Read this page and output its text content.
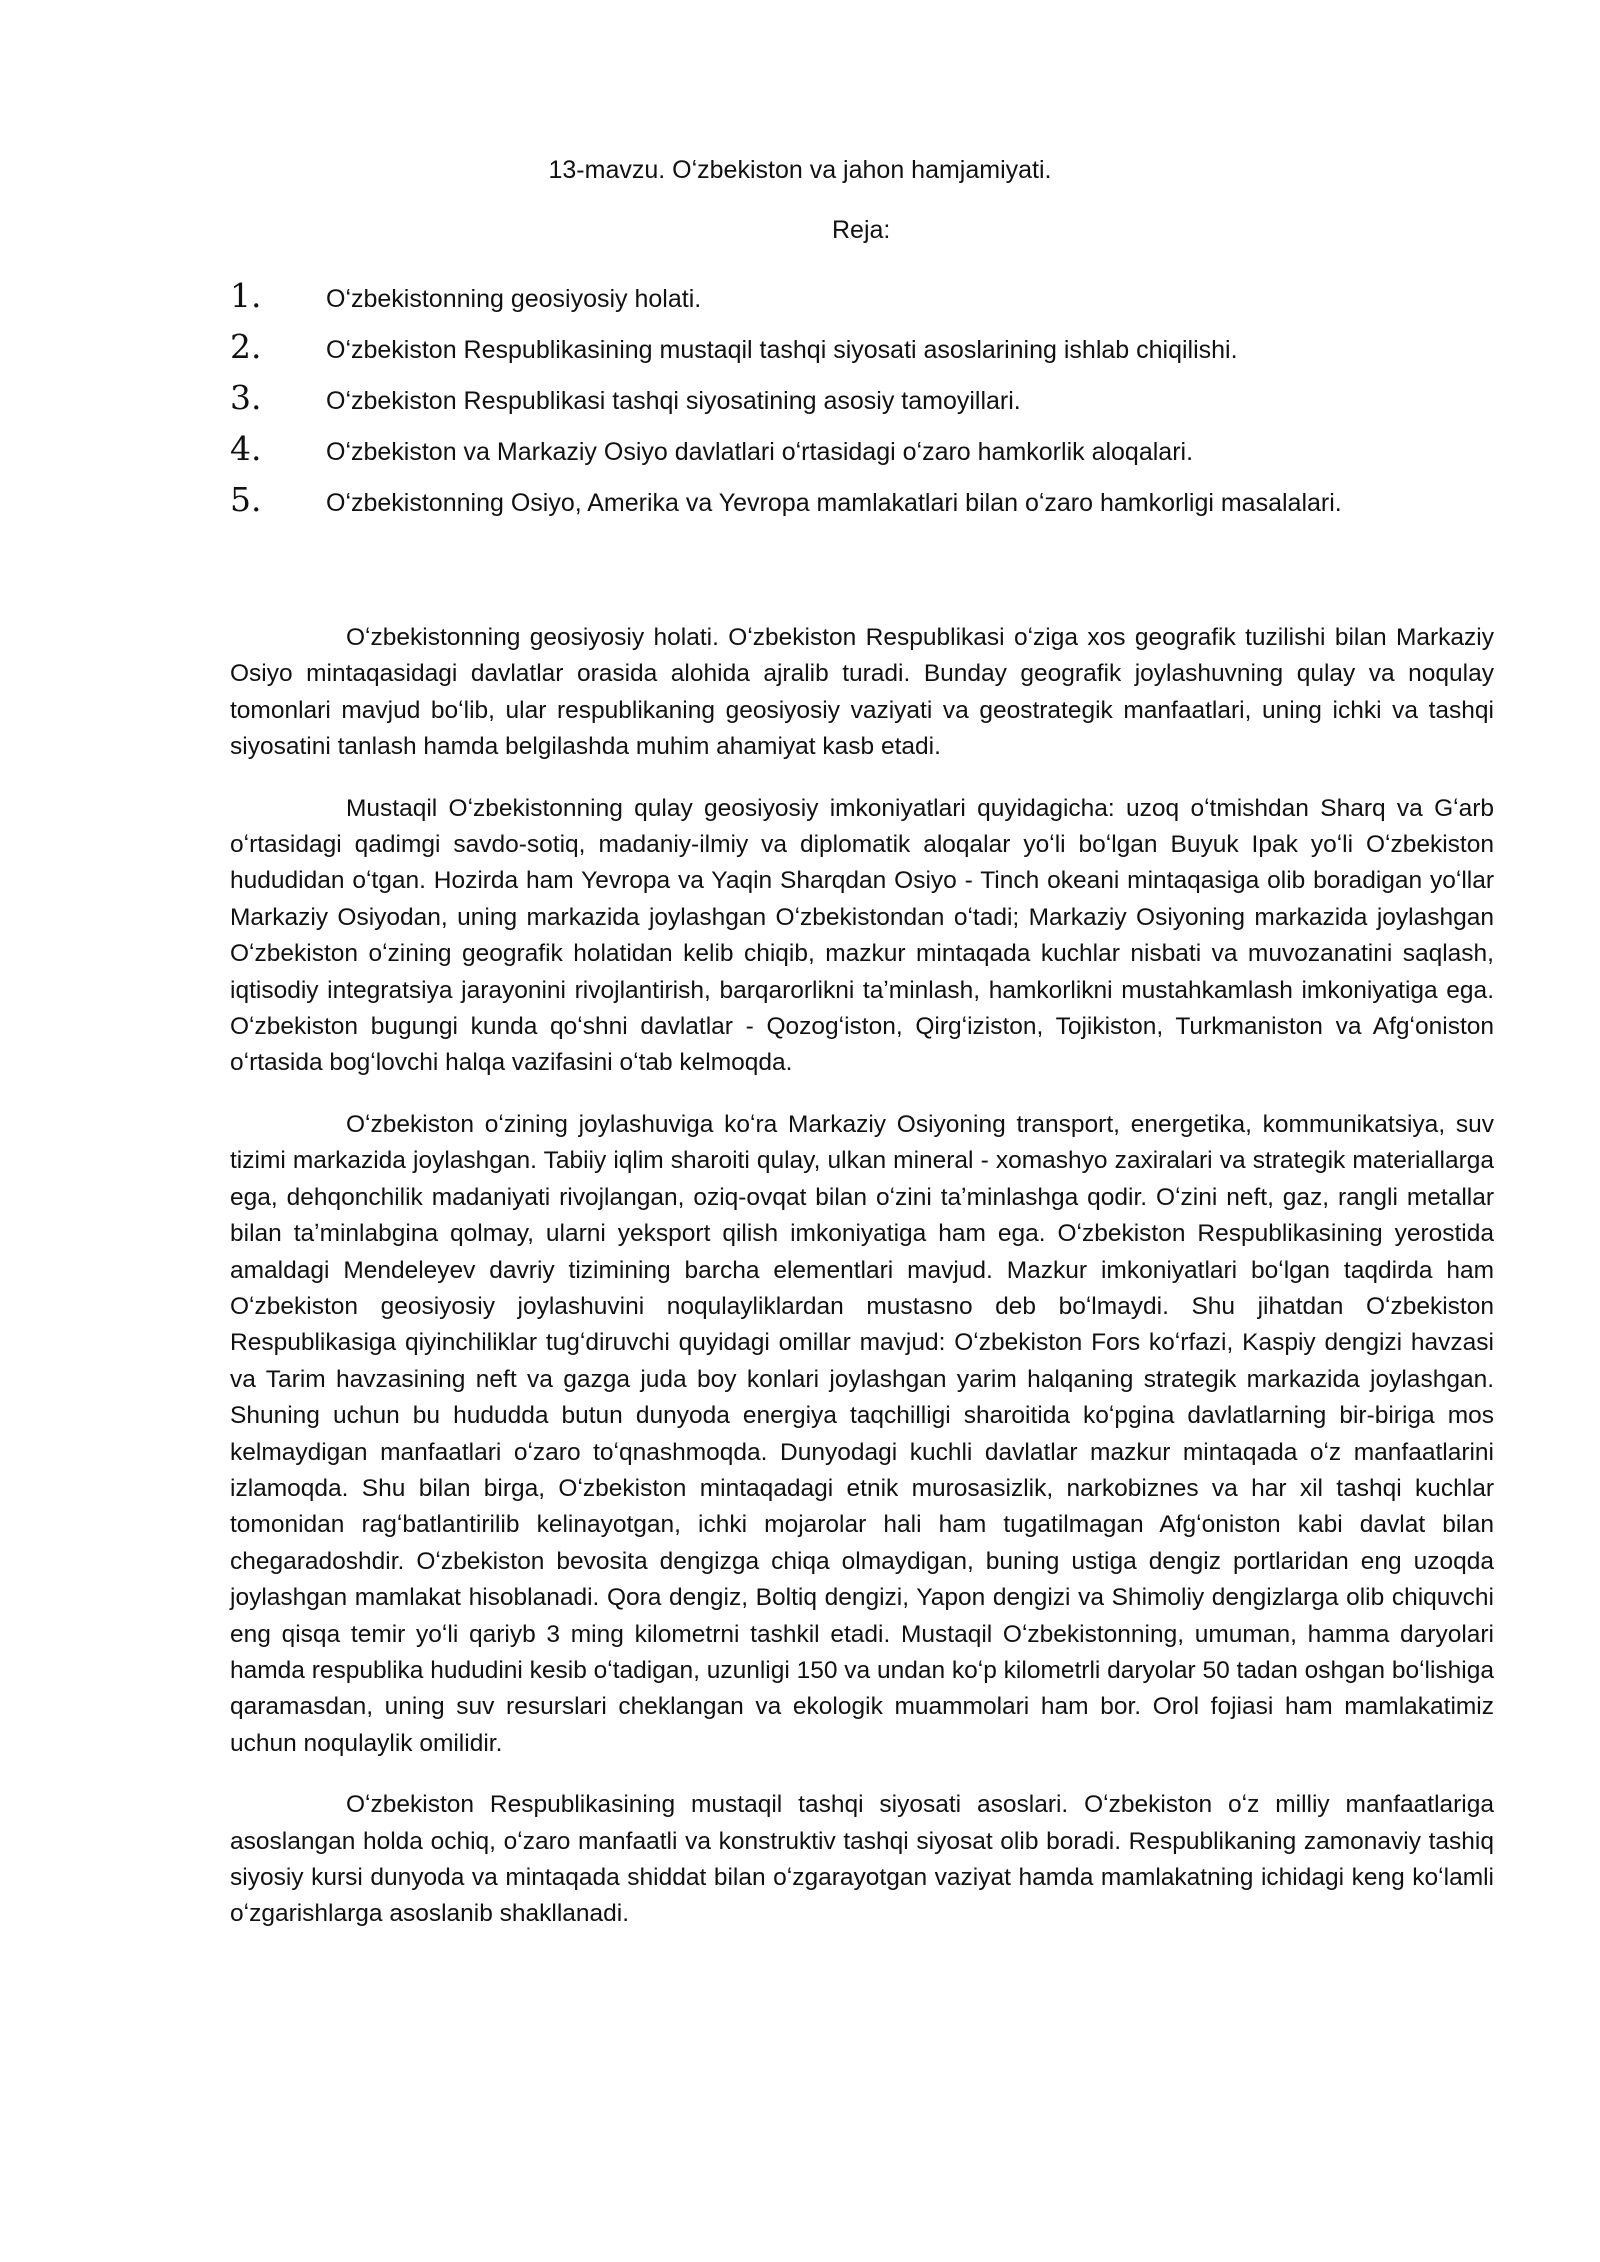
13-mavzu. Oʻzbekiston va jahon hamjamiyati.
Reja:
1.	Oʻzbekistonning geosiyosiy holati.
2.	Oʻzbekiston Respublikasining mustaqil tashqi siyosati asoslarining ishlab chiqilishi.
3.	Oʻzbekiston Respublikasi tashqi siyosatining asosiy tamoyillari.
4.	Oʻzbekiston va Markaziy Osiyo davlatlari oʻrtasidagi oʻzaro hamkorlik aloqalari.
5.	Oʻzbekistonning Osiyo, Amerika va Yevropa mamlakatlari bilan oʻzaro hamkorligi masalalari.

Oʻzbekistonning geosiyosiy holati. Oʻzbekiston Respublikasi oʻziga xos geografik tuzilishi bilan Markaziy Osiyo mintaqasidagi davlatlar orasida alohida ajralib turadi. Bunday geografik joylashuvning qulay va noqulay tomonlari mavjud boʻlib, ular respublikaning geosiyosiy vaziyati va geostrategik manfaatlari, uning ichki va tashqi siyosatini tanlash hamda belgilashda muhim ahamiyat kasb etadi.

Mustaqil Oʻzbekistonning qulay geosiyosiy imkoniyatlari quyidagicha: uzoq oʻtmishdan Sharq va Gʻarb oʻrtasidagi qadimgi savdo-sotiq, madaniy-ilmiy va diplomatik aloqalar yoʻli boʻlgan Buyuk Ipak yoʻli Oʻzbekiston hududidan oʻtgan. Hozirda ham Yevropa va Yaqin Sharqdan Osiyo - Tinch okeani mintaqasiga olib boradigan yoʻllar Markaziy Osiyodan, uning markazida joylashgan Oʻzbekistondan oʻtadi; Markaziy Osiyoning markazida joylashgan Oʻzbekiston oʻzining geografik holatidan kelib chiqib, mazkur mintaqada kuchlar nisbati va muvozanatini saqlash, iqtisodiy integratsiya jarayonini rivojlantirish, barqarorlikni taʼminlash, hamkorlikni mustahkamlash imkoniyatiga ega. Oʻzbekiston bugungi kunda qoʻshni davlatlar - Qozogʻiston, Qirgʻiziston, Tojikiston, Turkmaniston va Afgʻoniston oʻrtasida bogʻlovchi halqa vazifasini oʻtab kelmoqda.

Oʻzbekiston oʻzining joylashuviga koʻra Markaziy Osiyoning transport, energetika, kommunikatsiya, suv tizimi markazida joylashgan. Tabiiy iqlim sharoiti qulay, ulkan mineral - xomashyo zaxiralari va strategik materiallarga ega, dehqonchilik madaniyati rivojlangan, oziq-ovqat bilan oʻzini taʼminlashga qodir. Oʻzini neft, gaz, rangli metallar bilan taʼminlabgina qolmay, ularni yeksport qilish imkoniyatiga ham ega. Oʻzbekiston Respublikasining yerostida amaldagi Mendeleyev davriy tizimining barcha elementlari mavjud. Mazkur imkoniyatlari boʻlgan taqdirda ham Oʻzbekiston geosiyosiy joylashuvini noqulayliklardan mustasno deb boʻlmaydi. Shu jihatdan Oʻzbekiston Respublikasiga qiyinchiliklar tugʻdiruvchi quyidagi omillar mavjud: Oʻzbekiston Fors koʻrfazi, Kaspiy dengizi havzasi va Tarim havzasining neft va gazga juda boy konlari joylashgan yarim halqaning strategik markazida joylashgan. Shuning uchun bu hududda butun dunyoda energiya taqchilligi sharoitida koʻpgina davlatlarning bir-biriga mos kelmaydigan manfaatlari oʻzaro toʻqnashmoqda. Dunyodagi kuchli davlatlar mazkur mintaqada oʻz manfaatlarini izlamoqda. Shu bilan birga, Oʻzbekiston mintaqadagi etnik murosasizlik, narkobiznes va har xil tashqi kuchlar tomonidan ragʻbatlantirilib kelinayotgan, ichki mojarolar hali ham tugatilmagan Afgʻoniston kabi davlat bilan chegaradoshdir. Oʻzbekiston bevosita dengizga chiqa olmaydigan, buning ustiga dengiz portlaridan eng uzoqda joylashgan mamlakat hisoblanadi. Qora dengiz, Boltiq dengizi, Yapon dengizi va Shimoliy dengizlarga olib chiquvchi eng qisqa temir yoʻli qariyb 3 ming kilometrni tashkil etadi. Mustaqil Oʻzbekistonning, umuman, hamma daryolari hamda respublika hududini kesib oʻtadigan, uzunligi 150 va undan koʻp kilometrli daryolar 50 tadan oshgan boʻlishiga qaramasdan, uning suv resurslari cheklangan va ekologik muammolari ham bor. Orol fojiasi ham mamlakatimiz uchun noqulaylik omilidir.

Oʻzbekiston Respublikasining mustaqil tashqi siyosati asoslari. Oʻzbekiston oʻz milliy manfaatlariga asoslangan holda ochiq, oʻzaro manfaatli va konstruktiv tashqi siyosat olib boradi. Respublikaning zamonaviy tashiq siyosiy kursi dunyoda va mintaqada shiddat bilan oʻzgarayotgan vaziyat hamda mamlakatning ichidagi keng koʻlamli oʻzgarishlarga asoslanib shakllanadi.
